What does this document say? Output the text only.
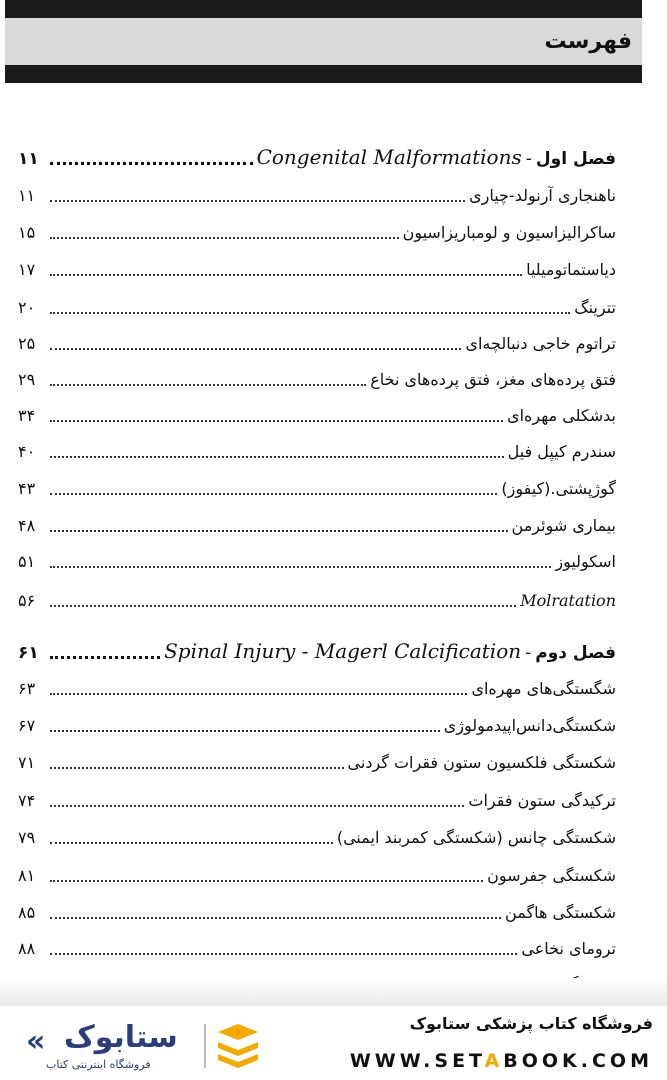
فهرست
فصل اول-Congenital Malformations
۱۱
ناهنجاری آرنولد-چیاری
۱۱
ساکرالیزاسیون و لومباریزاسیون
۱۵
دیاستماتومیلیا
۱۷
تترینگ
۲۰
تراتوم خاجی دنبالچه‌ای
۲۵
فتق پرده‌های مغز، فتق پرده‌های نخاع
۲۹
بدشکلی مهره‌ای
۳۴
سندرم کیپل فیل
۴۰
گوژپشتی.(کیفوز)
۴۳
بیماری شوئرمن
۴۸
اسکولیوز
۵۱
Molratation
۵۶
فصل دوم-Spinal Injury - Magerl Calcification
۶۱
شگستگی‌های مهره‌ای
۶۳
شکستگی‌دانس‌اپیدمولوژی
۶۷
شکستگی فلکسیون ستون فقرات گردنی
۷۱
ترکیدگی ستون فقرات
۷۴
شکستگی چانس (شکستگی کمربند ایمنی)
۷۹
شکستگی جفرسون
۸۱
شکستگی هاگمن
۸۵
ترومای نخاعی
۸۸
« ستابوک
فروشگاه اینترنتی کتاب
فروشگاه کتاب پزشکی ستابوک
WWW.SETABOOK.COM
